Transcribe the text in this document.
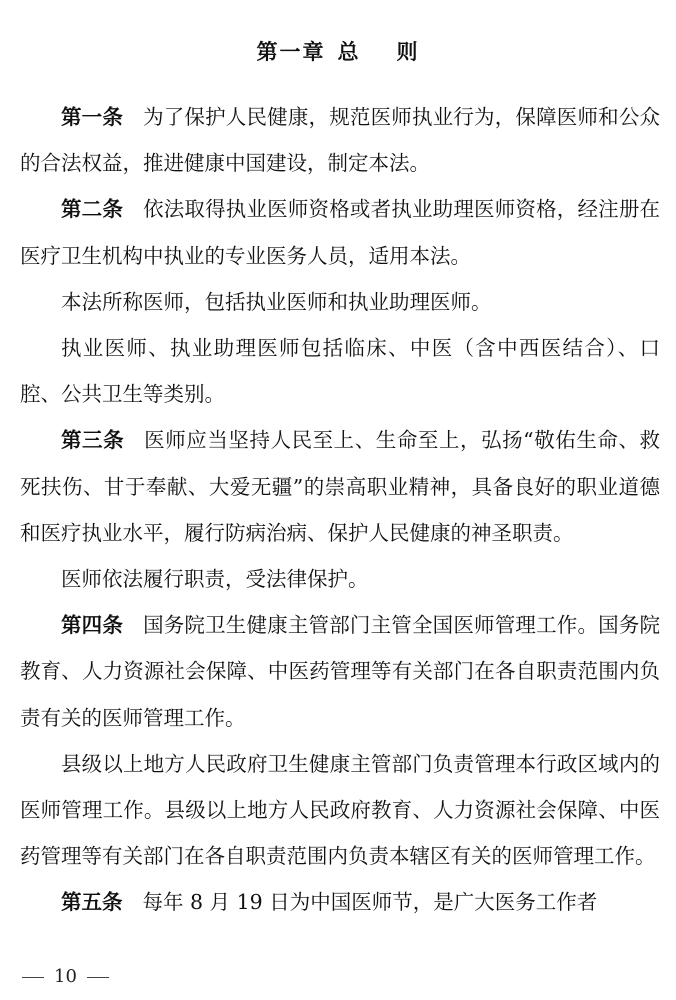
第一章 总 则

第一条 为了保护人民健康，规范医师执业行为，保障医师和公众的合法权益，推进健康中国建设，制定本法。

第二条 依法取得执业医师资格或者执业助理医师资格，经注册在医疗卫生机构中执业的专业医务人员，适用本法。

本法所称医师，包括执业医师和执业助理医师。

执业医师、执业助理医师包括临床、中医（含中西医结合）、口腔、公共卫生等类别。

第三条 医师应当坚持人民至上、生命至上，弘扬“敬佑生命、救死扶伤、甘于奉献、大爱无疆”的崇高职业精神，具备良好的职业道德和医疗执业水平，履行防病治病、保护人民健康的神圣职责。

医师依法履行职责，受法律保护。

第四条 国务院卫生健康主管部门主管全国医师管理工作。国务院教育、人力资源社会保障、中医药管理等有关部门在各自职责范围内负责有关的医师管理工作。

县级以上地方人民政府卫生健康主管部门负责管理本行政区域内的医师管理工作。县级以上地方人民政府教育、人力资源社会保障、中医药管理等有关部门在各自职责范围内负责本辖区有关的医师管理工作。

第五条 每年 8 月 19 日为中国医师节，是广大医务工作者

10
